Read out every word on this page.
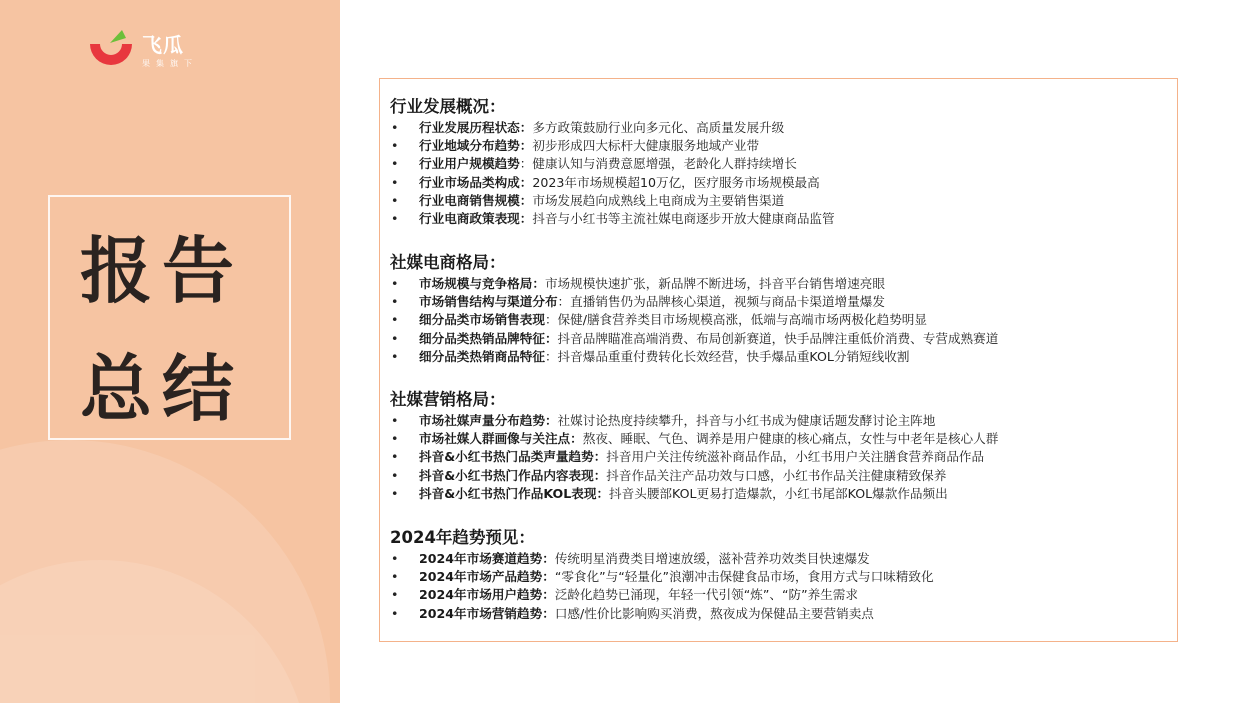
飞瓜
果集旗下
报告
总结
行业发展概况：
• 行业发展历程状态：多方政策鼓励行业向多元化、高质量发展升级
• 行业地域分布趋势：初步形成四大标杆大健康服务地域产业带
• 行业用户规模趋势：健康认知与消费意愿增强，老龄化人群持续增长
• 行业市场品类构成：2023年市场规模超10万亿，医疗服务市场规模最高
• 行业电商销售规模：市场发展趋向成熟线上电商成为主要销售渠道
• 行业电商政策表现：抖音与小红书等主流社媒电商逐步开放大健康商品监管
社媒电商格局：
• 市场规模与竞争格局：市场规模快速扩张，新品牌不断进场，抖音平台销售增速亮眼
• 市场销售结构与渠道分布：直播销售仍为品牌核心渠道，视频与商品卡渠道增量爆发
• 细分品类市场销售表现：保健/膳食营养类目市场规模高涨，低端与高端市场两极化趋势明显
• 细分品类热销品牌特征：抖音品牌瞄准高端消费、布局创新赛道，快手品牌注重低价消费、专营成熟赛道
• 细分品类热销商品特征：抖音爆品重重付费转化长效经营，快手爆品重KOL分销短线收割
社媒营销格局：
• 市场社媒声量分布趋势：社媒讨论热度持续攀升，抖音与小红书成为健康话题发酵讨论主阵地
• 市场社媒人群画像与关注点：熬夜、睡眠、气色、调养是用户健康的核心痛点，女性与中老年是核心人群
• 抖音&小红书热门品类声量趋势：抖音用户关注传统滋补商品作品，小红书用户关注膳食营养商品作品
• 抖音&小红书热门作品内容表现：抖音作品关注产品功效与口感，小红书作品关注健康精致保养
• 抖音&小红书热门作品KOL表现：抖音头腰部KOL更易打造爆款，小红书尾部KOL爆款作品频出
2024年趋势预见：
• 2024年市场赛道趋势：传统明星消费类目增速放缓，滋补营养功效类目快速爆发
• 2024年市场产品趋势：“零食化”与“轻量化”浪潮冲击保健食品市场，食用方式与口味精致化
• 2024年市场用户趋势：泛龄化趋势已涌现，年轻一代引领“炼”、“防”养生需求
• 2024年市场营销趋势：口感/性价比影响购买消费，熬夜成为保健品主要营销卖点
